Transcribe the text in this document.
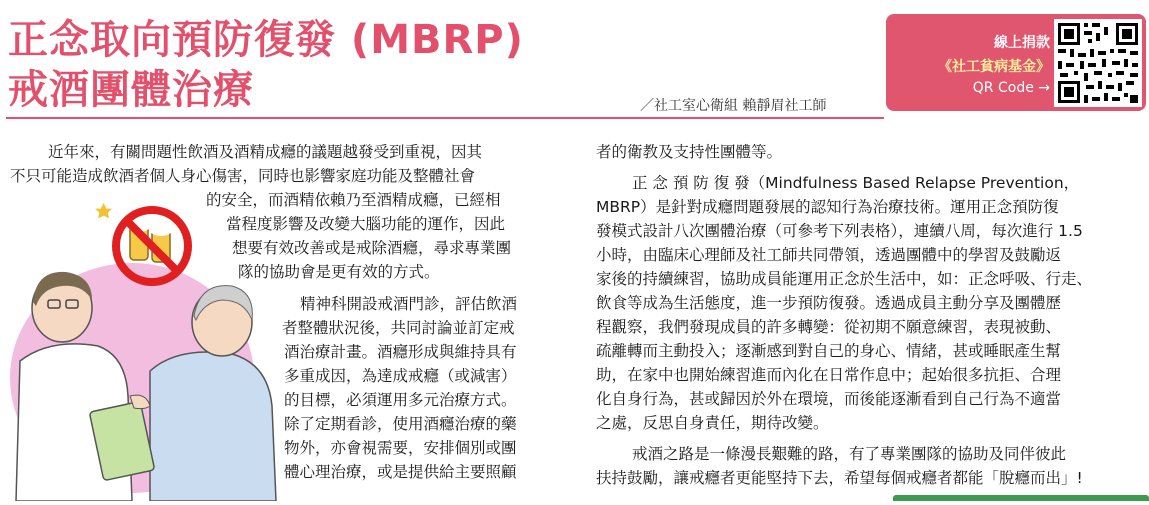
正念取向預防復發 (MBRP)
戒酒團體治療	／社工室心衛組 賴靜眉社工師
線上捐款
《社工貧病基金》
QR Code →
近年來，有關問題性飲酒及酒精成癮的議題越發受到重視，因其
不只可能造成飲酒者個人身心傷害，同時也影響家庭功能及整體社會
的安全，而酒精依賴乃至酒精成癮，已經相
當程度影響及改變大腦功能的運作，因此
想要有效改善或是戒除酒癮，尋求專業團
隊的協助會是更有效的方式。
精神科開設戒酒門診，評估飲酒
者整體狀況後，共同討論並訂定戒
酒治療計畫。酒癮形成與維持具有
多重成因，為達成戒癮（或減害）
的目標，必須運用多元治療方式。
除了定期看診，使用酒癮治療的藥
物外，亦會視需要，安排個別或團
體心理治療，或是提供給主要照顧
者的衛教及支持性團體等。
正 念 預 防 復 發（Mindfulness Based Relapse Prevention，
MBRP）是針對成癮問題發展的認知行為治療技術。運用正念預防復
發模式設計八次團體治療（可參考下列表格），連續八周，每次進行 1.5
小時，由臨床心理師及社工師共同帶領，透過團體中的學習及鼓勵返
家後的持續練習，協助成員能運用正念於生活中，如：正念呼吸、行走、
飲食等成為生活態度，進一步預防復發。透過成員主動分享及團體歷
程觀察，我們發現成員的許多轉變：從初期不願意練習，表現被動、
疏離轉而主動投入；逐漸感到對自己的身心、情緒，甚或睡眠產生幫
助，在家中也開始練習進而內化在日常作息中；起始很多抗拒、合理
化自身行為，甚或歸因於外在環境，而後能逐漸看到自己行為不適當
之處，反思自身責任，期待改變。
戒酒之路是一條漫長艱難的路，有了專業團隊的協助及同伴彼此
扶持鼓勵，讓戒癮者更能堅持下去，希望每個戒癮者都能「脫癮而出」!
